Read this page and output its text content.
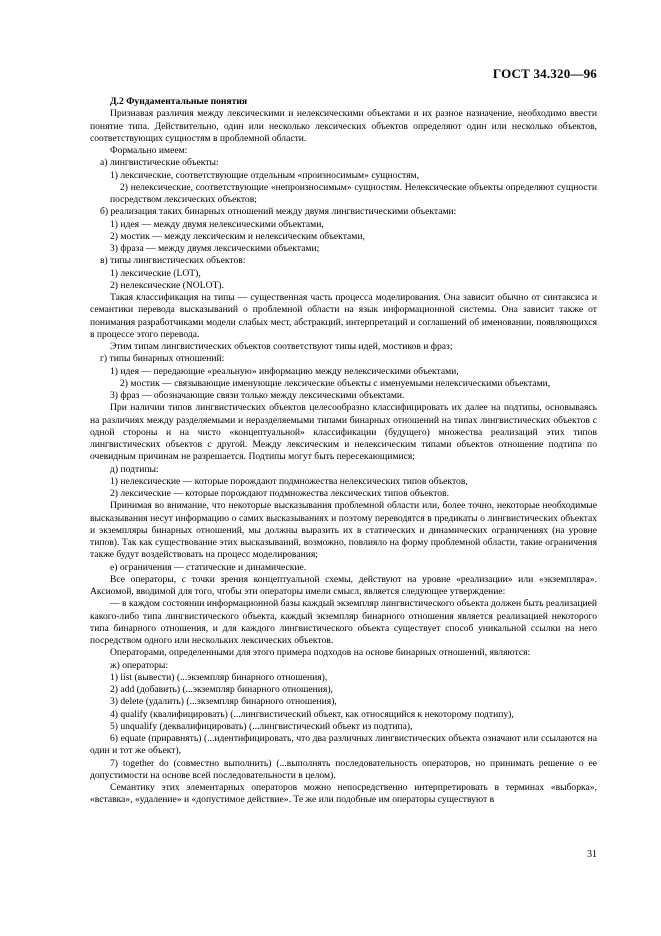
ГОСТ 34.320—96

Д.2 Фундаментальные понятия

Признавая различия между лексическими и нелексическими объектами и их разное назначение, необходимо ввести понятие типа. Действительно, один или несколько лексических объектов определяют один или несколько объектов, соответствующих сущностям в проблемной области.

Формально имеем:

а) лингвистические объекты:

1) лексические, соответствующие отдельным «произносимым» сущностям,

2) нелексические, соответствующие «непроизносимым» сущностям. Нелексические объекты определяют сущности посредством лексических объектов;

б) реализация таких бинарных отношений между двумя лингвистическими объектами:

1) идея — между двумя нелексическими объектами,

2) мостик — между лексическим и нелексическим объектами,

3) фраза — между двумя лексическими объектами;

в) типы лингвистических объектов:

1) лексические (LOT),

2) нелексические (NOLOT).

Такая классификация на типы — существенная часть процесса моделирования. Она зависит обычно от синтаксиса и семантики перевода высказываний о проблемной области на язык информационной системы. Она зависит также от понимания разработчиками модели слабых мест, абстракций, интерпретаций и соглашений об именовании, появляющихся в процессе этого перевода.

Этим типам лингвистических объектов соответствуют типы идей, мостиков и фраз;

г) типы бинарных отношений:

1) идея — передающие «реальную» информацию между нелексическими объектами,

2) мостик — связывающие именующие лексические объекты с именуемыми нелексическими объектами,

3) фраз — обозначающие связи только между лексическими объектами.

При наличии типов лингвистических объектов целесообразно классифицировать их далее на подтипы, основываясь на различиях между разделяемыми и неразделяемыми типами бинарных отношений на типах лингвистических объектов с одной стороны и на чисто «концептуальной» классификации (будущего) множества реализаций этих типов лингвистических объектов с другой. Между лексическим и нелексическим типами объектов отношение подтипа по очевидным причинам не разрешается. Подтипы могут быть пересекающимися;

д) подтипы:

1) нелексические — которые порождают подмножества нелексических типов объектов,

2) лексические — которые порождают подмножества лексических типов объектов.

Принимая во внимание, что некоторые высказывания проблемной области или, более точно, некоторые необходимые высказывания несут информацию о самих высказываниях и поэтому переводятся в предикаты о лингвистических объектах и экземпляры бинарных отношений, мы должны выразить их в статических и динамических ограничениях (на уровне типов). Так как существование этих высказываний, возможно, повлияло на форму проблемной области, такие ограничения также будут воздействовать на процесс моделирования;

е) ограничения — статические и динамические.

Все операторы, с точки зрения концептуальной схемы, действуют на уровне «реализации» или «экземпляра». Аксиомой, вводимой для того, чтобы эти операторы имели смысл, является следующее утверждение:

— в каждом состоянии информационной базы каждый экземпляр лингвистического объекта должен быть реализацией какого-либо типа лингвистического объекта, каждый экземпляр бинарного отношения является реализацией некоторого типа бинарного отношения, и для каждого лингвистического объекта существует способ уникальной ссылки на него посредством одного или нескольких лексических объектов.

Операторами, определенными для этого примера подходов на основе бинарных отношений, являются:

ж) операторы:

1) list (вывести) (...экземпляр бинарного отношения),

2) add (добавить) (...экземпляр бинарного отношения),

3) delete (удалить) (...экземпляр бинарного отношения),

4) qualify (квалифицировать) (...лингвистический объект, как относящийся к некоторому подтипу),

5) unqualify (деквалифицировать) (...лингвистический объект из подтипа),

6) equate (приравнять) (...идентифицировать, что два различных лингвистических объекта означают или ссылаются на один и тот же объект),

7) together do (совместно выполнить) (...выполнять последовательность операторов, но принимать решение о ее допустимости на основе всей последовательности в целом).

Семантику этих элементарных операторов можно непосредственно интерпретировать в терминах «выборка», «вставка», «удаление» и «допустимое действие». Те же или подобные им операторы существуют в

31
